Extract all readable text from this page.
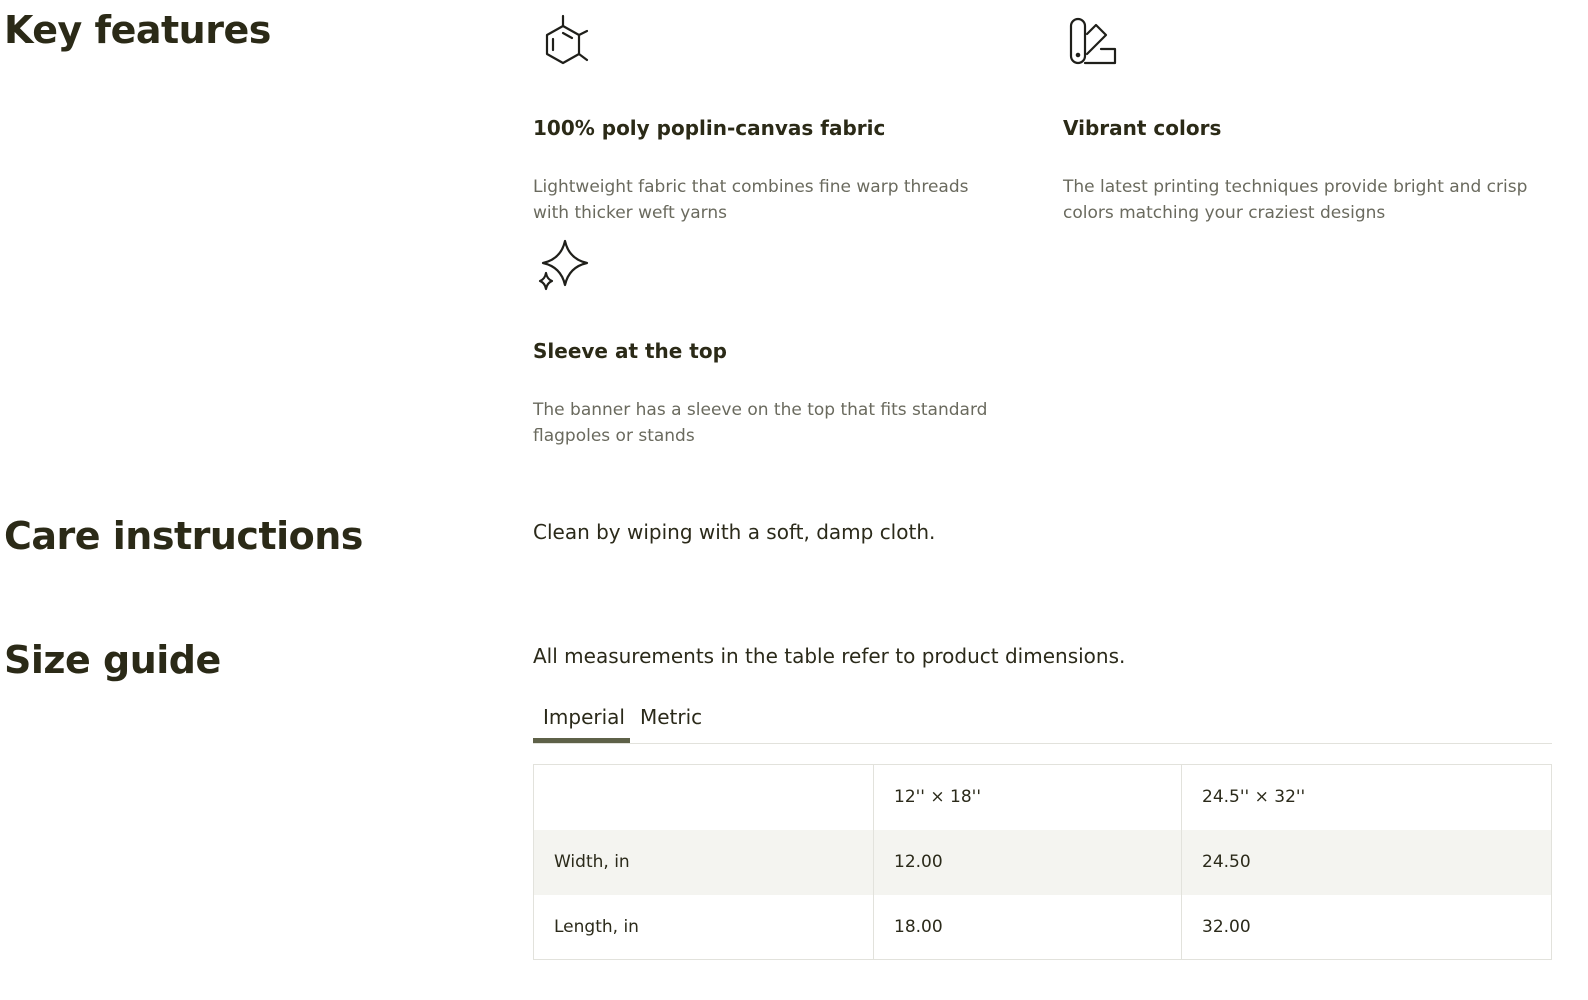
Key features
100% poly poplin-canvas fabric

Lightweight fabric that combines fine warp threads with thicker weft yarns

Vibrant colors

The latest printing techniques provide bright and crisp colors matching your craziest designs

Sleeve at the top

The banner has a sleeve on the top that fits standard flagpoles or stands

Care instructions	Clean by wiping with a soft, damp cloth.

Size guide	All measurements in the table refer to product dimensions.

Imperial Metric
	12'' × 18''	24.5'' × 32''
Width, in	12.00	24.50
Length, in	18.00	32.00
